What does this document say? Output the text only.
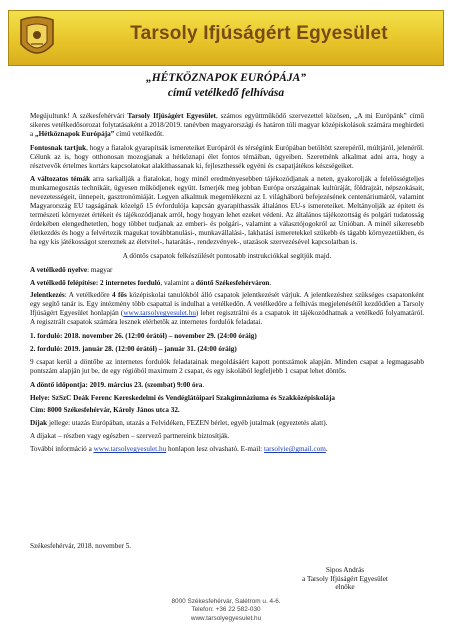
Tarsoly Ifjúságért Egyesület
„HÉTKÖZNAPOK EURÓPÁJA”
című vetélkedő felhívása

Megújultunk! A székesfehérvári Tarsoly Ifjúságért Egyesület, számos együttműködő szervezettel közösen, „A mi Európánk” című sikeres vetélkedősorozat folytatásaként a 2018/2019. tanévben magyarországi és határon túli magyar középiskolások számára meghirdeti a „Hétköznapok Európája” című vetélkedőt.

Fontosnak tartjuk, hogy a fiatalok gyarapítsák ismereteiket Európáról és térségünk Európában betöltött szerepéről, múltjáról, jelenéről. Célunk az is, hogy otthonosan mozogjanak a hétköznapi élet fontos témáiban, ügyeiben. Szeretnénk alkalmat adni arra, hogy a résztvevők értelmes kortárs kapcsolatokat alakíthassanak ki, fejleszthessék egyéni és csapatjátékos készségeiket.

A változatos témák arra sarkallják a fiatalokat, hogy minél eredményesebben tájékozódjanak a neten, gyakorolják a felelősségteljes munkamegosztás technikáit, ügyesen működjenek együtt. Ismerjék meg jobban Európa országainak kultúráját, földrajzát, népszokásait, nevezetességeit, ünnepeit, gasztronómiáját. Legyen alkalmuk megemlékezni az I. világháború befejezésének centenáriumáról, valamint Magyarország EU tagságának közelgő 15 évfordulója kapcsán gyarapíthassák általános EU-s ismereteiket. Meltányolják az épített és természeti környezet értékeit és tájékozódjanak arról, hogy hogyan lehet ezeket védeni. Az általános tájékozottság és polgári tudatosság érdekében elengedhetetlen, hogy többet tudjanak az emberi- és polgári-, valamint a választójogokról az Unióban. A minél sikeresebb életkezdés és hogy a felvértezik magukat továbbtanulási-, munkavállalási-, lakhatási ismeretekkel szükebb és tágabb környezetükben, és ha egy kis játékosságot szereznek az életvitel-, hatarátás-, rendezvények-, utazások szervezésével kapcsolatban is.

A döntős csapatok felkészülését pontosabb instrukciókkal segítjük majd.

A vetélkedő nyelve: magyar

A vetélkedő felépítése: 2 internetes forduló, valamint a döntő Székesfehérváron.

Jelentkezés: A vetélkedőre 4 fős középiskolai tanulókból álló csapatok jelentkezését várjuk. A jelentkezéshez szükséges csapatonként egy segítő tanár is. Egy intézmény több csapattal is indulhat a vetélkedőn. A vetélkedőre a felhívás megjelenésétől kezdődően a Tarsoly Ifjúságért Egyesület honlapján (www.tarsolyegyesulet.hu) lehet regisztrálni és a csapatok itt tájékozódhatnak a vetélkedő folyamatáról. A regisztrált csapatok számára lesznek elérhetők az internetes fordulók feladatai.

1. forduló: 2018. november 26. (12:00 órától) – november 29. (24:00 óráig)

2. forduló: 2019. január 28. (12:00 órától) – január 31. (24:00 óráig)

9 csapat kerül a döntőbe az internetes fordulók feladatainak megoldásáért kapott pontszámok alapján. Minden csapat a legmagasabb pontszám alapján jut be, de egy régióból maximum 2 csapat, és egy iskolából legfeljebb 1 csapat lehet döntős.

A döntő időpontja: 2019. március 23. (szombat) 9:00 óra.

Helye: SzSzC Deák Ferenc Kereskedelmi és Vendéglátóipari Szakgimnáziuma és Szakközépiskolája

Cím: 8000 Székesfehérvár, Károly János utca 32.

Díjak jellege: utazás Európában, utazás a Felvidéken, FEZEN bérlet, egyéb jutalmak (egyeztetés alatt).

A díjakat – részben vagy egészben – szervező partnereink biztosítják.

További információ a www.tarsolyegyesulet.hu honlapon lesz olvasható. E-mail: tarsolyie@gmail.com.

Székesfehérvár, 2018. november 5.
Sipos András
a Tarsoly Ifjúságért Egyesület
elnöke
8000 Székesfehérvár, Salétrom u. 4-6.
Telefon: +36 22 582-030
www.tarsolyegyesulet.hu
